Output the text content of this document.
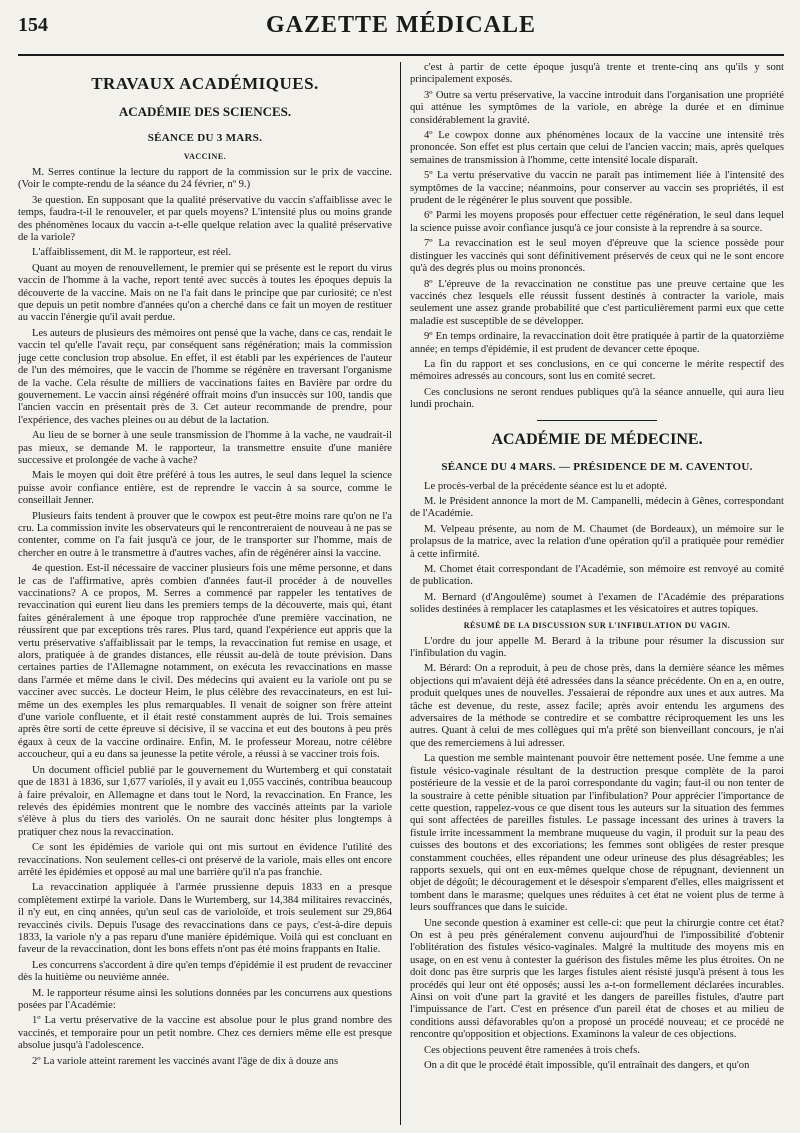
154	GAZETTE MÉDICALE
TRAVAUX ACADÉMIQUES.
ACADÉMIE DES SCIENCES.
SÉANCE DU 3 MARS.
VACCINE.

M. Serres continue la lecture du rapport de la commission sur le prix de vaccine. (Voir le compte-rendu de la séance du 24 février, nº 9.)

3e question. En supposant que la qualité préservative du vaccin s'affaiblisse avec le temps, faudra-t-il le renouveler, et par quels moyens? L'intensité plus ou moins grande des phénomènes locaux du vaccin a-t-elle quelque relation avec la qualité préservative de la variole?

L'affaiblissement, dit M. le rapporteur, est réel.

Quant au moyen de renouvellement, le premier qui se présente est le report du virus vaccin de l'homme à la vache, report tenté avec succès à toutes les époques depuis la découverte de la vaccine. Mais on ne l'a fait dans le principe que par curiosité; ce n'est que depuis un petit nombre d'années qu'on a cherché dans ce fait un moyen de restituer au vaccin l'énergie qu'il avait perdue.

Les auteurs de plusieurs des mémoires ont pensé que la vache, dans ce cas, rendait le vaccin tel qu'elle l'avait reçu, par conséquent sans régénération; mais la commission juge cette conclusion trop absolue. En effet, il est établi par les expériences de l'auteur de l'un des mémoires, que le vaccin de l'homme se régénère en traversant l'organisme de la vache. Cela résulte de milliers de vaccinations faites en Bavière par ordre du gouvernement. Le vaccin ainsi régénéré offrait moins d'un insuccès sur 100, tandis que l'ancien vaccin en présentait près de 3. Cet auteur recommande de prendre, pour l'expérience, des vaches pleines ou au début de la lactation.

Au lieu de se borner à une seule transmission de l'homme à la vache, ne vaudrait-il pas mieux, se demande M. le rapporteur, la transmettre ensuite d'une manière successive et prolongée de vache à vache?

Mais le moyen qui doit être préféré à tous les autres, le seul dans lequel la science puisse avoir confiance entière, est de reprendre le vaccin à sa source, comme le conseillait Jenner.

Plusieurs faits tendent à prouver que le cowpox est peut-être moins rare qu'on ne l'a cru. La commission invite les observateurs qui le rencontreraient de nouveau à ne pas se contenter, comme on l'a fait jusqu'à ce jour, de le transporter sur l'homme, mais de chercher en outre à le transmettre à d'autres vaches, afin de régénérer ainsi la vaccine.

4e question. Est-il nécessaire de vacciner plusieurs fois une même personne, et dans le cas de l'affirmative, après combien d'années faut-il procéder à de nouvelles vaccinations? A ce propos, M. Serres a commencé par rappeler les tentatives de revaccination qui eurent lieu dans les premiers temps de la découverte, mais qui, étant faites généralement à une époque trop rapprochée d'une première vaccination, ne réussirent que par exceptions très rares. Plus tard, quand l'expérience eut appris que la vertu préservative s'affaiblissait par le temps, la revaccination fut remise en usage, et alors, pratiquée à de grandes distances, elle réussit au-delà de toute prévision. Dans certaines parties de l'Allemagne notamment, on exécuta les revaccinations en masse dans l'armée et même dans le civil. Des médecins qui avaient eu la variole ont pu se vacciner avec succès. Le docteur Heim, le plus célèbre des revaccinateurs, en est lui-même un des exemples les plus remarquables. Il venait de soigner son frère atteint d'une variole confluente, et il était resté constamment auprès de lui. Trois semaines après être sorti de cette épreuve si décisive, il se vaccina et eut des boutons à peu près égaux à ceux de la vaccine ordinaire. Enfin, M. le professeur Moreau, notre célèbre accoucheur, qui a eu dans sa jeunesse la petite vérole, a réussi à se vacciner trois fois.

Un document officiel publié par le gouvernement du Wurtemberg et qui constatait que de 1831 à 1836, sur 1,677 variolés, il y avait eu 1,055 vaccinés, contribua beaucoup à faire prévaloir, en Allemagne et dans tout le Nord, la revaccination. En France, les relevés des épidémies montrent que le nombre des vaccinés atteints par la variole s'élève à plus du tiers des variolés. On ne saurait donc hésiter plus longtemps à pratiquer chez nous la revaccination.

Ce sont les épidémies de variole qui ont mis surtout en évidence l'utilité des revaccinations. Non seulement celles-ci ont préservé de la variole, mais elles ont encore arrêté les épidémies et opposé au mal une barrière qu'il n'a pas franchie.

La revaccination appliquée à l'armée prussienne depuis 1833 en a presque complètement extirpé la variole. Dans le Wurtemberg, sur 14,384 militaires revaccinés, il n'y eut, en cinq années, qu'un seul cas de varioloïde, et trois seulement sur 29,864 revaccinés civils. Depuis l'usage des revaccinations dans ce pays, c'est-à-dire depuis 1833, la variole n'y a pas reparu d'une manière épidémique. Voilà qui est concluant en faveur de la revaccination, dont les bons effets n'ont pas été moins frappants en Italie.

Les concurrens s'accordent à dire qu'en temps d'épidémie il est prudent de revacciner dès la huitième ou neuvième année.

M. le rapporteur résume ainsi les solutions données par les concurrens aux questions posées par l'Académie:

1º La vertu préservative de la vaccine est absolue pour le plus grand nombre des vaccinés, et temporaire pour un petit nombre. Chez ces derniers même elle est presque absolue jusqu'à l'adolescence.

2º La variole atteint rarement les vaccinés avant l'âge de dix à douze ans

c'est à partir de cette époque jusqu'à trente et trente-cinq ans qu'ils y sont principalement exposés.

3º Outre sa vertu préservative, la vaccine introduit dans l'organisation une propriété qui atténue les symptômes de la variole, en abrège la durée et en diminue considérablement la gravité.

4º Le cowpox donne aux phénomènes locaux de la vaccine une intensité très prononcée. Son effet est plus certain que celui de l'ancien vaccin; mais, après quelques semaines de transmission à l'homme, cette intensité locale disparaît.

5º La vertu préservative du vaccin ne paraît pas intimement liée à l'intensité des symptômes de la vaccine; néanmoins, pour conserver au vaccin ses propriétés, il est prudent de le régénérer le plus souvent que possible.

6º Parmi les moyens proposés pour effectuer cette régénération, le seul dans lequel la science puisse avoir confiance jusqu'à ce jour consiste à la reprendre à sa source.

7º La revaccination est le seul moyen d'épreuve que la science possède pour distinguer les vaccinés qui sont définitivement préservés de ceux qui ne le sont encore qu'à des degrés plus ou moins prononcés.

8º L'épreuve de la revaccination ne constitue pas une preuve certaine que les vaccinés chez lesquels elle réussit fussent destinés à contracter la variole, mais seulement une assez grande probabilité que c'est particulièrement parmi eux que cette maladie est susceptible de se développer.

9º En temps ordinaire, la revaccination doit être pratiquée à partir de la quatorzième année; en temps d'épidémie, il est prudent de devancer cette époque.

La fin du rapport et ses conclusions, en ce qui concerne le mérite respectif des mémoires adressés au concours, sont lus en comité secret.

Ces conclusions ne seront rendues publiques qu'à la séance annuelle, qui aura lieu lundi prochain.

ACADÉMIE DE MÉDECINE.
SÉANCE DU 4 MARS. — PRÉSIDENCE DE M. CAVENTOU.

Le procès-verbal de la précédente séance est lu et adopté.

M. le Président annonce la mort de M. Campanelli, médecin à Gênes, correspondant de l'Académie.

M. Velpeau présente, au nom de M. Chaumet (de Bordeaux), un mémoire sur le prolapsus de la matrice, avec la relation d'une opération qu'il a pratiquée pour remédier à cette infirmité.

M. Chomet était correspondant de l'Académie, son mémoire est renvoyé au comité de publication.

M. Bernard (d'Angoulême) soumet à l'examen de l'Académie des préparations solides destinées à remplacer les cataplasmes et les vésicatoires et autres topiques.

RÉSUMÉ DE LA DISCUSSION SUR L'INFIBULATION DU VAGIN.

L'ordre du jour appelle M. Berard à la tribune pour résumer la discussion sur l'infibulation du vagin.

M. Bérard: On a reproduit, à peu de chose près, dans la dernière séance les mêmes objections qui m'avaient déjà été adressées dans la séance précédente. On en a, en outre, produit quelques unes de nouvelles. J'essaierai de répondre aux unes et aux autres. Ma tâche est devenue, du reste, assez facile; après avoir entendu les argumens des adversaires de la méthode se contredire et se combattre réciproquement les uns les autres. Quant à celui de mes collègues qui m'a prêté son bienveillant concours, je n'ai que des remerciemens à lui adresser.

La question me semble maintenant pouvoir être nettement posée. Une femme a une fistule vésico-vaginale résultant de la destruction presque complète de la paroi postérieure de la vessie et de la paroi correspondante du vagin; faut-il ou non tenter de la soustraire à cette pénible situation par l'infibulation? Pour apprécier l'importance de cette question, rappelez-vous ce que disent tous les auteurs sur la situation des femmes qui sont affectées de pareilles fistules. Le passage incessant des urines à travers la fistule irrite incessamment la membrane muqueuse du vagin, il produit sur la peau des cuisses des boutons et des excoriations; les femmes sont obligées de rester presque constamment couchées, elles répandent une odeur urineuse des plus désagréables; les rapports sexuels, qui ont en eux-mêmes quelque chose de répugnant, deviennent un objet de dégoût; le découragement et le désespoir s'emparent d'elles, elles maigrissent et tombent dans le marasme; quelques unes réduites à cet état ne voient plus de terme à leurs souffrances que dans le suicide.

Une seconde question à examiner est celle-ci: que peut la chirurgie contre cet état? On est à peu près généralement convenu aujourd'hui de l'impossibilité d'obtenir l'oblitération des fistules vésico-vaginales. Malgré la multitude des moyens mis en usage, on en est venu à contester la guérison des fistules même les plus étroites. On ne doit donc pas être surpris que les larges fistules aient résisté jusqu'à présent à tous les procédés qui leur ont été opposés; aussi les a-t-on formellement déclarées incurables. Ainsi on voit d'une part la gravité et les dangers de pareilles fistules, d'autre part l'impuissance de l'art. C'est en présence d'un pareil état de choses et au milieu de conditions aussi défavorables qu'on a proposé un procédé nouveau; et ce procédé ne rencontre qu'opposition et objections. Examinons la valeur de ces objections.

Ces objections peuvent être ramenées à trois chefs.

On a dit que le procédé était impossible, qu'il entraînait des dangers, et qu'on
